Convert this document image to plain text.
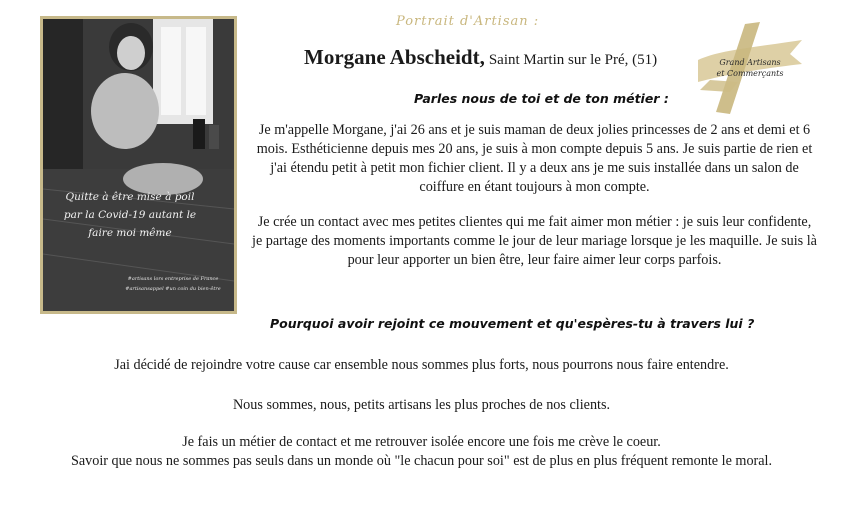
Quitte à être mise à poil par la Covid-19 autant le faire moi même
#artisans lors entreprise de France #artisansappel #un coin du bien-être
Portrait d'Artisan :
Morgane Abscheidt, Saint Martin sur le Pré, (51)	Grand Artisans
et Commerçants
Parles nous de toi et de ton métier :
Je m'appelle Morgane, j'ai 26 ans et je suis maman de deux jolies princesses de 2 ans et demi et 6 mois. Esthéticienne depuis mes 20 ans, je suis à mon compte depuis 5 ans. Je suis partie de rien et j'ai étendu petit à petit mon fichier client. Il y a deux ans je me suis installée dans un salon de coiffure en étant toujours à mon compte.
Je crée un contact avec mes petites clientes qui me fait aimer mon métier : je suis leur confidente, je partage des moments importants comme le jour de leur mariage lorsque je les maquille. Je suis là pour leur apporter un bien être, leur faire aimer leur corps parfois.
Pourquoi avoir rejoint ce mouvement et qu'espères-tu à travers lui ?
Jai décidé de rejoindre votre cause car ensemble nous sommes plus forts, nous pourrons nous faire entendre.
Nous sommes, nous, petits artisans les plus proches de nos clients.
Je fais un métier de contact et me retrouver isolée encore une fois me crève le coeur.
Savoir que nous ne sommes pas seuls dans un monde où "le chacun pour soi" est de plus en plus fréquent remonte le moral.
